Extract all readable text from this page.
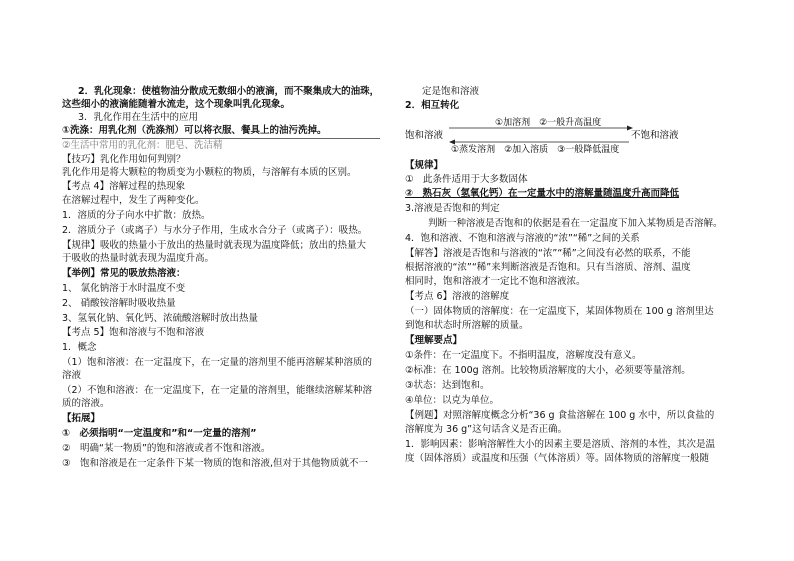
2．乳化现象：使植物油分散成无数细小的液滴，而不聚集成大的油珠，
这些细小的液滴能随着水流走，这个现象叫乳化现象。
3．乳化作用在生活中的应用
①洗涤：用乳化剂（洗涤剂）可以将衣服、餐具上的油污洗掉。
②生活中常用的乳化剂：肥皂、洗洁精
【技巧】乳化作用如何判别？
乳化作用是将大颗粒的物质变为小颗粒的物质，与溶解有本质的区别。
【考点 4】溶解过程的热现象
在溶解过程中，发生了两种变化。
1．溶质的分子向水中扩散：放热。
2．溶质分子（或离子）与水分子作用，生成水合分子（或离子）：吸热。
【规律】吸收的热量小于放出的热量时就表现为温度降低；放出的热量大
于吸收的热量时就表现为温度升高。
【举例】常见的吸放热溶液：
1、 氯化钠溶于水时温度不变
2、 硝酸铵溶解时吸收热量
3、氢氧化钠、氧化钙、浓硫酸溶解时放出热量
【考点 5】饱和溶液与不饱和溶液
1．概念
（1）饱和溶液：在一定温度下，在一定量的溶剂里不能再溶解某种溶质的
溶液
（2）不饱和溶液：在一定温度下，在一定量的溶剂里，能继续溶解某种溶
质的溶液。
【拓展】
①　必须指明“一定温度和”和“一定量的溶剂”
②　明确“某一物质”的饱和溶液或者不饱和溶液。
③　饱和溶液是在一定条件下某一物质的饱和溶液,但对于其他物质就不一
定是饱和溶液
2．相互转化
饱和溶液	不饱和溶液
①加溶剂　②一般升高温度
①蒸发溶剂　②加入溶质　③一般降低温度
【规律】
①　此条件适用于大多数固体
②　熟石灰（氢氧化钙）在一定量水中的溶解量随温度升高而降低
3.溶液是否饱和的判定
判断一种溶液是否饱和的依据是看在一定温度下加入某物质是否溶解。
4．饱和溶液、不饱和溶液与溶液的“浓”“稀”之间的关系
【解答】溶液是否饱和与溶液的“浓”“稀”之间没有必然的联系，不能
根据溶液的“浓”“稀”来判断溶液是否饱和。只有当溶质、溶剂、温度
相同时，饱和溶液才一定比不饱和溶液浓。
【考点 6】溶液的溶解度
（一）固体物质的溶解度：在一定温度下，某固体物质在 100 g 溶剂里达
到饱和状态时所溶解的质量。
【理解要点】
①条件：在一定温度下。不指明温度，溶解度没有意义。
②标准：在 100g 溶剂。比较物质溶解度的大小，必须要等量溶剂。
③状态：达到饱和。
④单位：以克为单位。
【例题】对照溶解度概念分析“36 g 食盐溶解在 100 g 水中，所以食盐的
溶解度为 36 g”这句话含义是否正确。
1．影响因素：影响溶解性大小的因素主要是溶质、溶剂的本性，其次是温
度（固体溶质）或温度和压强（气体溶质）等。固体物质的溶解度一般随
